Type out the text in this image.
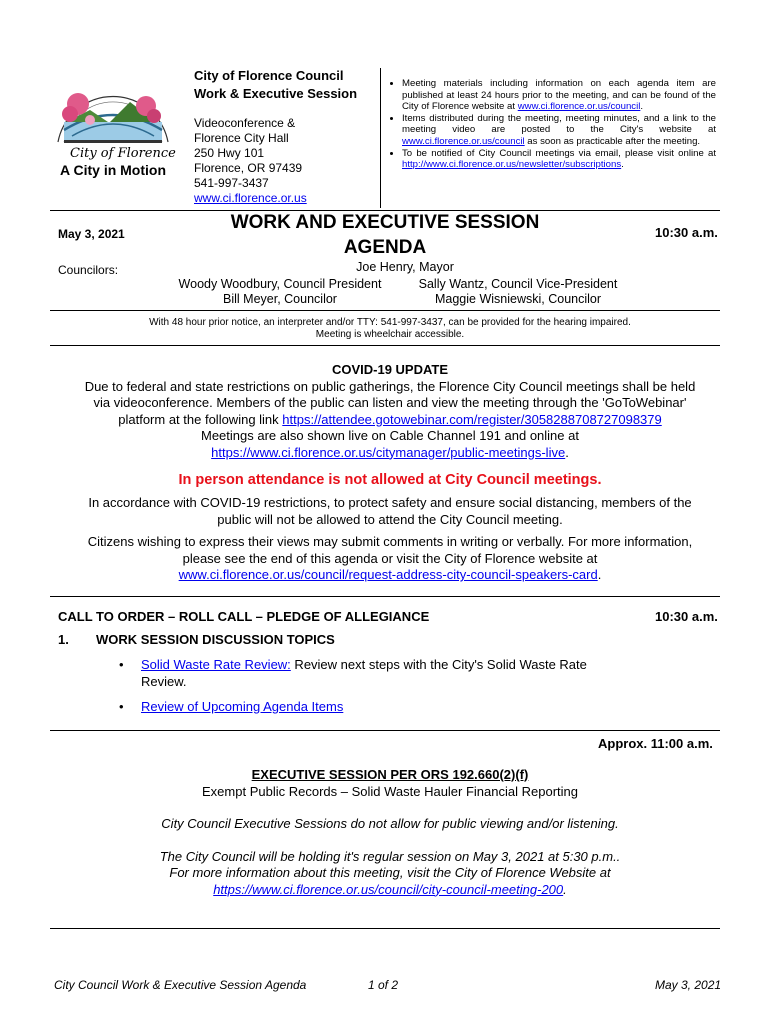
City of Florence
A City in Motion
City of Florence Council
Work & Executive Session
Videoconference &
Florence City Hall
250 Hwy 101
Florence, OR 97439
541-997-3437
www.ci.florence.or.us
• Meeting materials including information on each agenda item are published at least 24 hours prior to the meeting, and can be found of the City of Florence website at www.ci.florence.or.us/council.
• Items distributed during the meeting, meeting minutes, and a link to the meeting video are posted to the City's website at www.ci.florence.or.us/council as soon as practicable after the meeting.
• To be notified of City Council meetings via email, please visit online at http://www.ci.florence.or.us/newsletter/subscriptions.
May 3, 2021
WORK AND EXECUTIVE SESSION
AGENDA
10:30 a.m.
Councilors:	Joe Henry, Mayor
Woody Woodbury, Council President	Sally Wantz, Council Vice-President
Bill Meyer, Councilor	Maggie Wisniewski, Councilor
With 48 hour prior notice, an interpreter and/or TTY: 541-997-3437, can be provided for the hearing impaired.
Meeting is wheelchair accessible.
COVID-19 UPDATE
Due to federal and state restrictions on public gatherings, the Florence City Council meetings shall be held
via videoconference. Members of the public can listen and view the meeting through the 'GoToWebinar'
platform at the following link https://attendee.gotowebinar.com/register/3058288708727098379
Meetings are also shown live on Cable Channel 191 and online at
https://www.ci.florence.or.us/citymanager/public-meetings-live.
In person attendance is not allowed at City Council meetings.
In accordance with COVID-19 restrictions, to protect safety and ensure social distancing, members of the
public will not be allowed to attend the City Council meeting.
Citizens wishing to express their views may submit comments in writing or verbally. For more information,
please see the end of this agenda or visit the City of Florence website at
www.ci.florence.or.us/council/request-address-city-council-speakers-card.
CALL TO ORDER – ROLL CALL – PLEDGE OF ALLEGIANCE	10:30 a.m.
1. WORK SESSION DISCUSSION TOPICS
• Solid Waste Rate Review: Review next steps with the City's Solid Waste Rate
Review.
• Review of Upcoming Agenda Items
Approx. 11:00 a.m.
EXECUTIVE SESSION PER ORS 192.660(2)(f)
Exempt Public Records – Solid Waste Hauler Financial Reporting
City Council Executive Sessions do not allow for public viewing and/or listening.
The City Council will be holding it's regular session on May 3, 2021 at 5:30 p.m..
For more information about this meeting, visit the City of Florence Website at
https://www.ci.florence.or.us/council/city-council-meeting-200.
City Council Work & Executive Session Agenda	1 of 2	May 3, 2021
